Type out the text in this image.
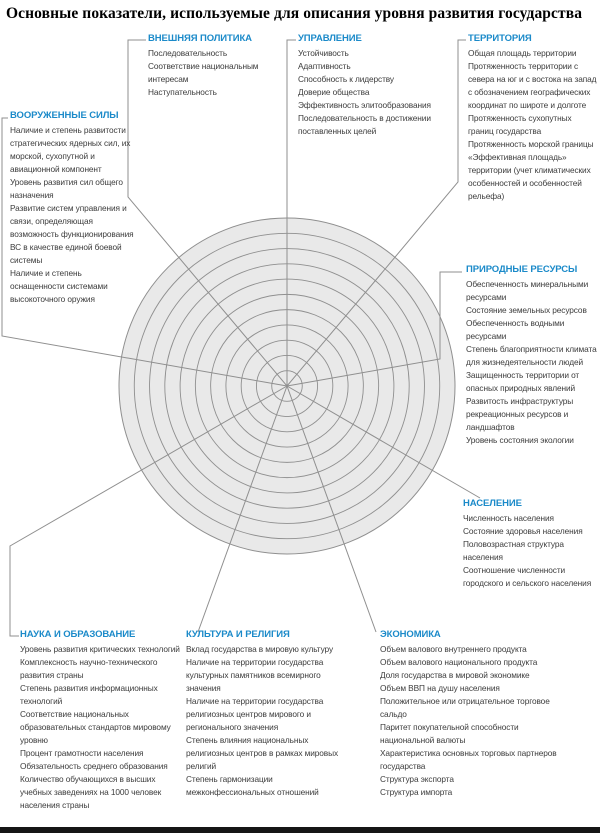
Основные показатели, используемые для описания уровня развития государства
ВНЕШНЯЯ ПОЛИТИКА

Последовательность

Соответствие национальным интересам

Наступательность

УПРАВЛЕНИЕ

Устойчивость

Адаптивность

Способность к лидерству

Доверие общества

Эффективность элитообразования

Последовательность в достижении поставленных целей

ТЕРРИТОРИЯ

Общая площадь территории

Протяженность территории с севера на юг и с востока на запад с обозначением географических координат по широте и долготе

Протяженность сухопутных границ государства

Протяженность морской границы

«Эффективная площадь» территории (учет климатических особенностей и особенностей рельефа)

ВООРУЖЕННЫЕ СИЛЫ

Наличие и степень развитости стратегических ядерных сил, их морской, сухопутной и авиационной компонент

Уровень развития сил общего назначения

Развитие систем управления и связи, определяющая возможность функционирования ВС в качестве единой боевой системы

Наличие и степень оснащенности системами высокоточного оружия

ПРИРОДНЫЕ РЕСУРСЫ

Обеспеченность минеральными ресурсами

Состояние земельных ресурсов

Обеспеченность водными ресурсами

Степень благоприятности климата для жизнедеятельности людей

Защищенность территории от опасных природных явлений

Развитость инфраструктуры рекреационных ресурсов и ландшафтов

Уровень состояния экологии

НАСЕЛЕНИЕ

Численность населения

Состояние здоровья населения

Половозрастная структура населения

Соотношение численности городского и сельского населения

НАУКА И ОБРАЗОВАНИЕ

Уровень развития критических технологий

Комплексность научно-технического развития страны

Степень развития информационных технологий

Соответствие национальных образовательных стандартов мировому уровню

Процент грамотности населения

Обязательность среднего образования

Количество обучающихся в высших учебных заведениях на 1000 человек населения страны

КУЛЬТУРА И РЕЛИГИЯ

Вклад государства в мировую культуру

Наличие на территории государства культурных памятников всемирного значения

Наличие на территории государства религиозных центров мирового и регионального значения

Степень влияния национальных религиозных центров в рамках мировых религий

Степень гармонизации межконфессиональных отношений

ЭКОНОМИКА

Объем валового внутреннего продукта

Объем валового национального продукта

Доля государства в мировой экономике

Объем ВВП на душу населения

Положительное или отрицательное торговое сальдо

Паритет покупательной способности национальной валюты

Характеристика основных торговых партнеров государства

Структура экспорта

Структура импорта
